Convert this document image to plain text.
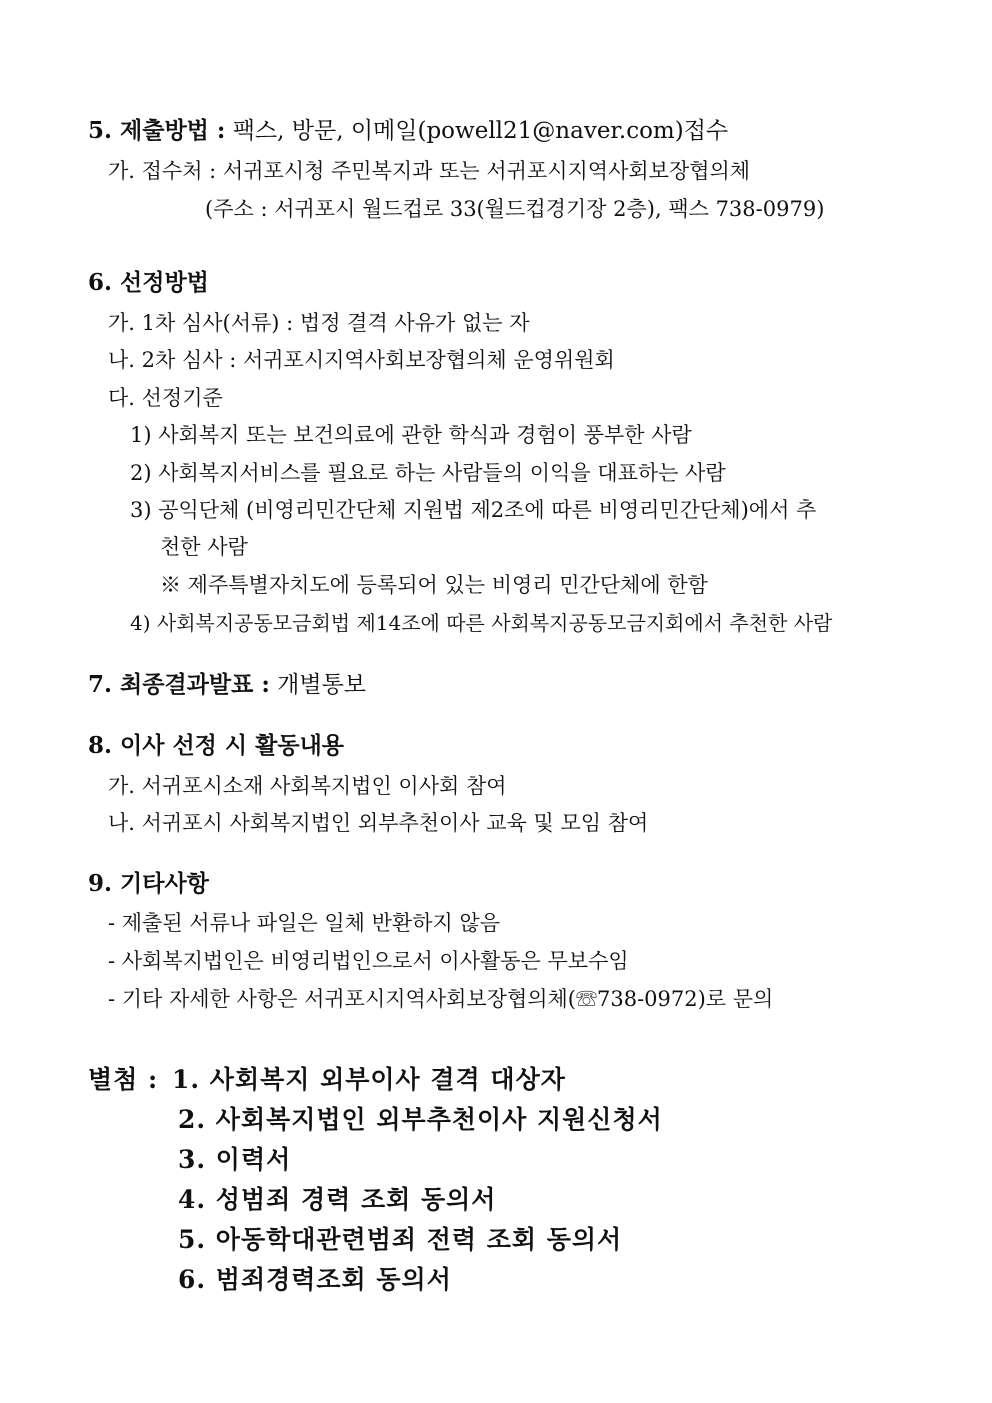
5. 제출방법 : 팩스, 방문, 이메일(powell21@naver.com)접수
가. 접수처 : 서귀포시청 주민복지과 또는 서귀포시지역사회보장협의체
(주소 : 서귀포시 월드컵로 33(월드컵경기장 2층), 팩스 738-0979)
6. 선정방법
가. 1차 심사(서류) : 법정 결격 사유가 없는 자
나. 2차 심사 : 서귀포시지역사회보장협의체 운영위원회
다. 선정기준
1) 사회복지 또는 보건의료에 관한 학식과 경험이 풍부한 사람
2) 사회복지서비스를 필요로 하는 사람들의 이익을 대표하는 사람
3) 공익단체 (비영리민간단체 지원법 제2조에 따른 비영리민간단체)에서 추
천한 사람
※ 제주특별자치도에 등록되어 있는 비영리 민간단체에 한함
4) 사회복지공동모금회법 제14조에 따른 사회복지공동모금지회에서 추천한 사람
7. 최종결과발표 : 개별통보
8. 이사 선정 시 활동내용
가. 서귀포시소재 사회복지법인 이사회 참여
나. 서귀포시 사회복지법인 외부추천이사 교육 및 모임 참여
9. 기타사항
- 제출된 서류나 파일은 일체 반환하지 않음
- 사회복지법인은 비영리법인으로서 이사활동은 무보수임
- 기타 자세한 사항은 서귀포시지역사회보장협의체(☏738-0972)로 문의
별첨 : 1. 사회복지 외부이사 결격 대상자
2. 사회복지법인 외부추천이사 지원신청서
3. 이력서
4. 성범죄 경력 조회 동의서
5. 아동학대관련범죄 전력 조회 동의서
6. 범죄경력조회 동의서
